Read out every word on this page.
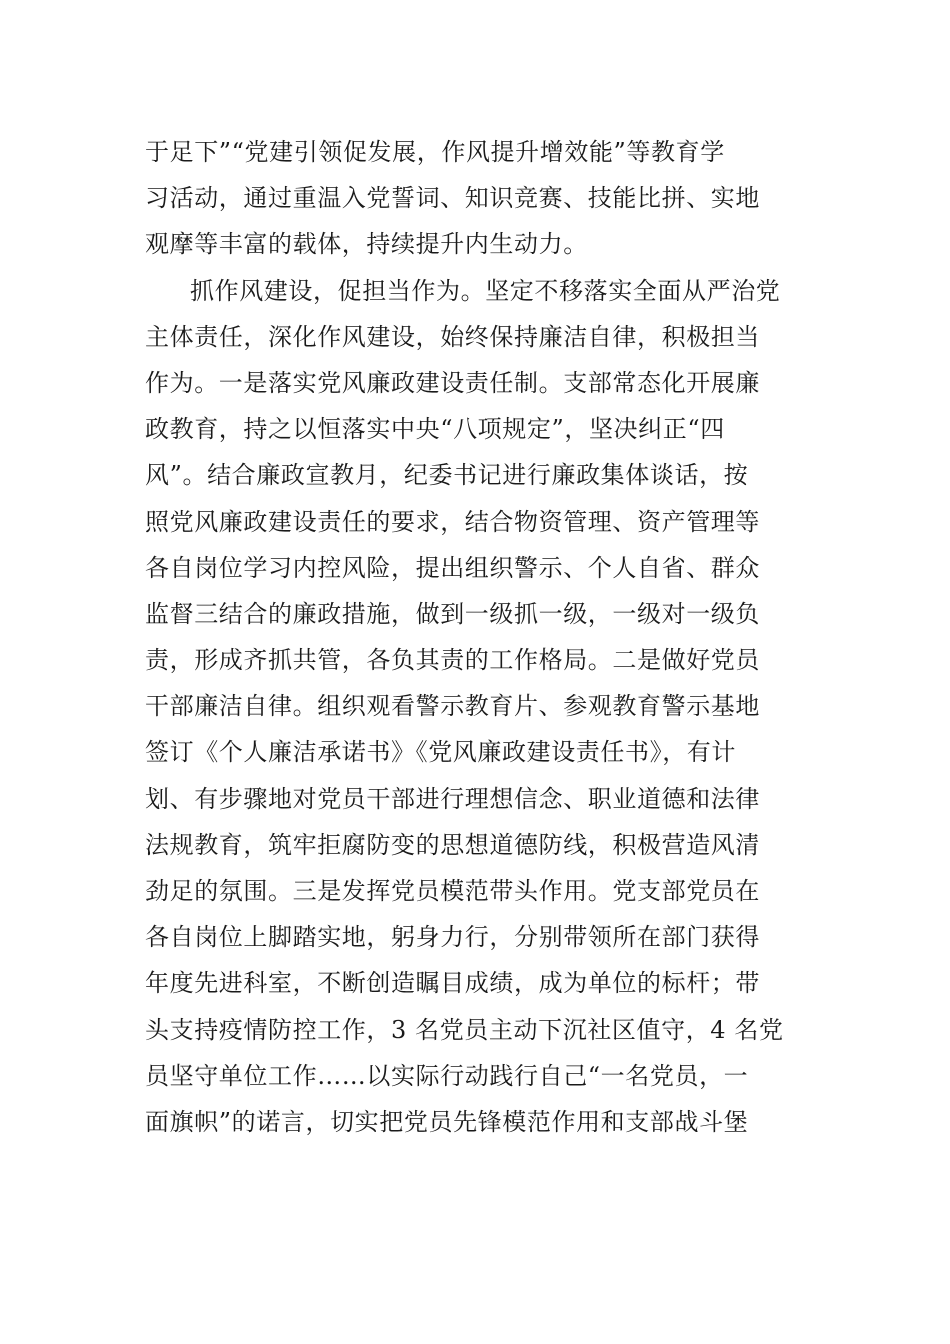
于足下”“党建引领促发展，作风提升增效能”等教育学
习活动，通过重温入党誓词、知识竞赛、技能比拼、实地
观摩等丰富的载体，持续提升内生动力。
抓作风建设，促担当作为。坚定不移落实全面从严治党
主体责任，深化作风建设，始终保持廉洁自律，积极担当
作为。一是落实党风廉政建设责任制。支部常态化开展廉
政教育，持之以恒落实中央“八项规定”，坚决纠正“四
风”。结合廉政宣教月，纪委书记进行廉政集体谈话，按
照党风廉政建设责任的要求，结合物资管理、资产管理等
各自岗位学习内控风险，提出组织警示、个人自省、群众
监督三结合的廉政措施，做到一级抓一级，一级对一级负
责，形成齐抓共管，各负其责的工作格局。二是做好党员
干部廉洁自律。组织观看警示教育片、参观教育警示基地
签订《个人廉洁承诺书》《党风廉政建设责任书》，有计
划、有步骤地对党员干部进行理想信念、职业道德和法律
法规教育，筑牢拒腐防变的思想道德防线，积极营造风清
劲足的氛围。三是发挥党员模范带头作用。党支部党员在
各自岗位上脚踏实地，躬身力行，分别带领所在部门获得
年度先进科室，不断创造瞩目成绩，成为单位的标杆；带
头支持疫情防控工作，3 名党员主动下沉社区值守，4 名党
员坚守单位工作……以实际行动践行自己“一名党员，一
面旗帜”的诺言，切实把党员先锋模范作用和支部战斗堡
